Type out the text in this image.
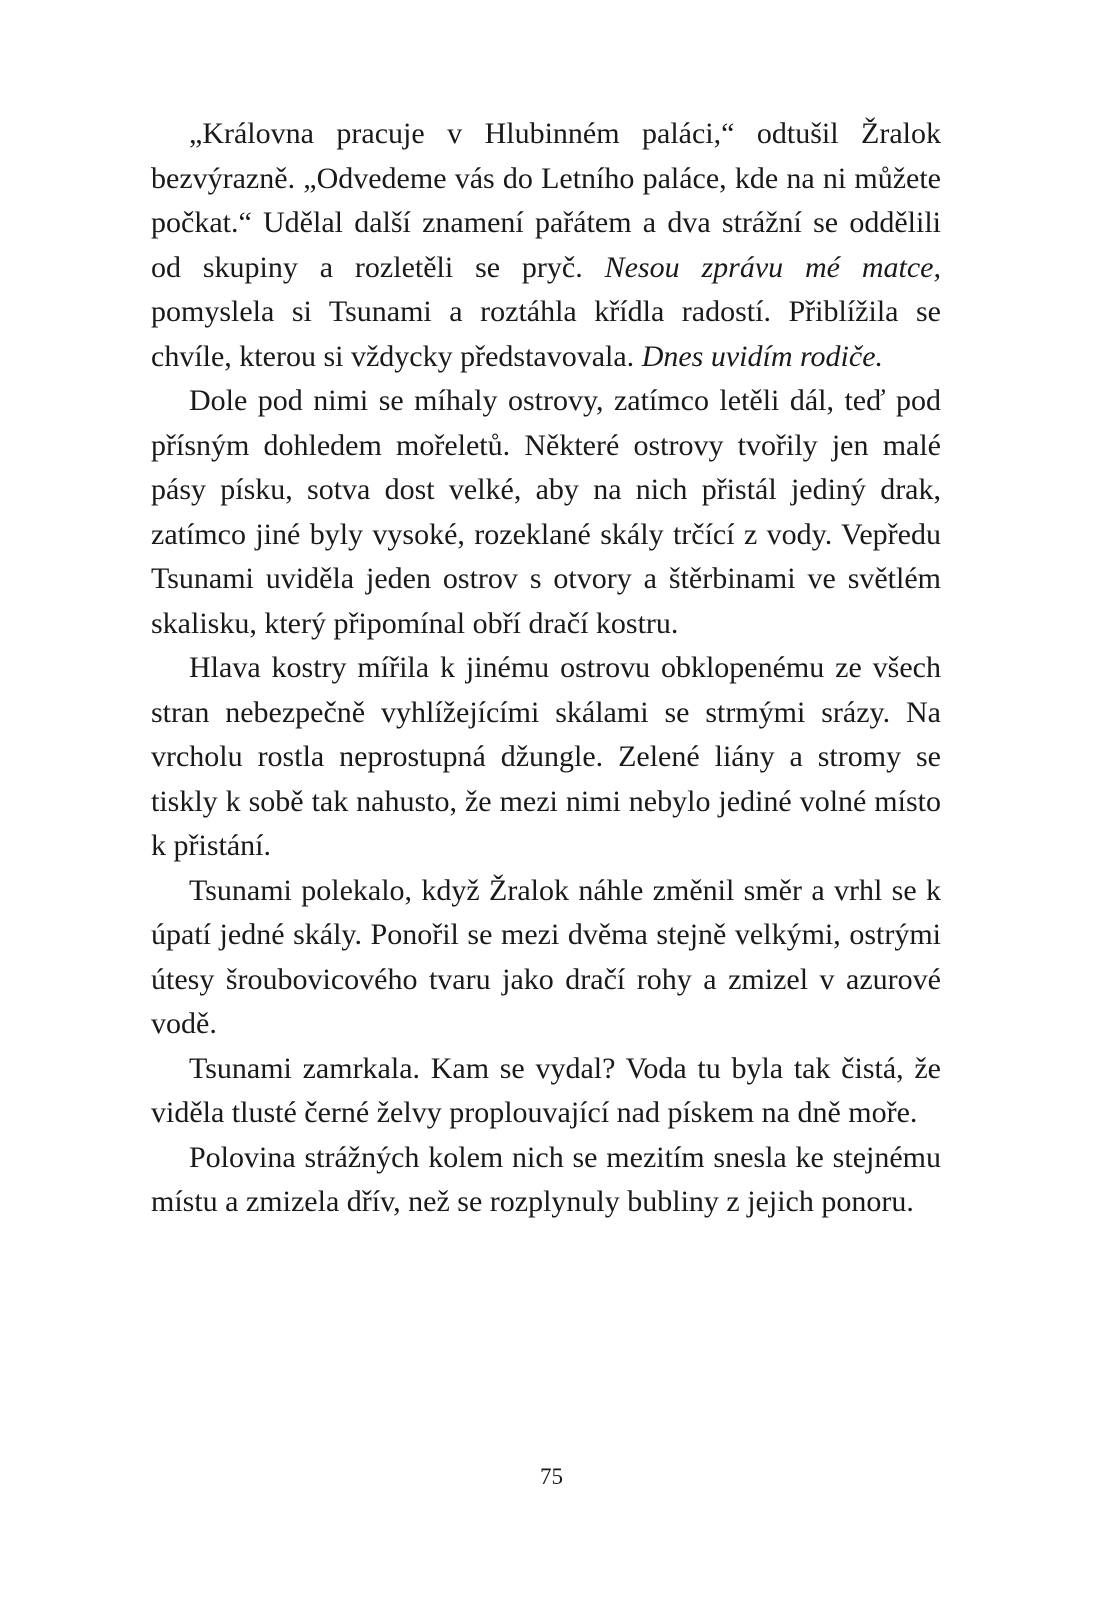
„Královna pracuje v Hlubinném paláci,“ odtušil Žralok bezvýrazně. „Odvedeme vás do Letního paláce, kde na ni můžete počkat.“ Udělal další znamení pařátem a dva strážní se oddělili od skupiny a rozletěli se pryč. Nesou zprávu mé matce, pomyslela si Tsunami a roztáhla křídla radostí. Přiblížila se chvíle, kterou si vždycky představovala. Dnes uvidím rodiče.

Dole pod nimi se míhaly ostrovy, zatímco letěli dál, teď pod přísným dohledem mořeletů. Některé ostrovy tvořily jen malé pásy písku, sotva dost velké, aby na nich přistál jediný drak, zatímco jiné byly vysoké, rozeklané skály trčící z vody. Vepředu Tsunami uviděla jeden ostrov s otvory a štěrbinami ve světlém skalisku, který připomínal obří dračí kostru.

Hlava kostry mířila k jinému ostrovu obklopenému ze všech stran nebezpečně vyhlížejícími skálami se strmými srázy. Na vrcholu rostla neprostupná džungle. Zelené liány a stromy se tiskly k sobě tak nahusto, že mezi nimi nebylo jediné volné místo k přistání.

Tsunami polekalo, když Žralok náhle změnil směr a vrhl se k úpatí jedné skály. Ponořil se mezi dvěma stejně velkými, ostrými útesy šroubovicového tvaru jako dračí rohy a zmizel v azurové vodě.

Tsunami zamrkala. Kam se vydal? Voda tu byla tak čistá, že viděla tlusté černé želvy proplouvající nad pískem na dně moře.

Polovina strážných kolem nich se mezitím snesla ke stejnému místu a zmizela dřív, než se rozplynuly bubliny z jejich ponoru.

75
